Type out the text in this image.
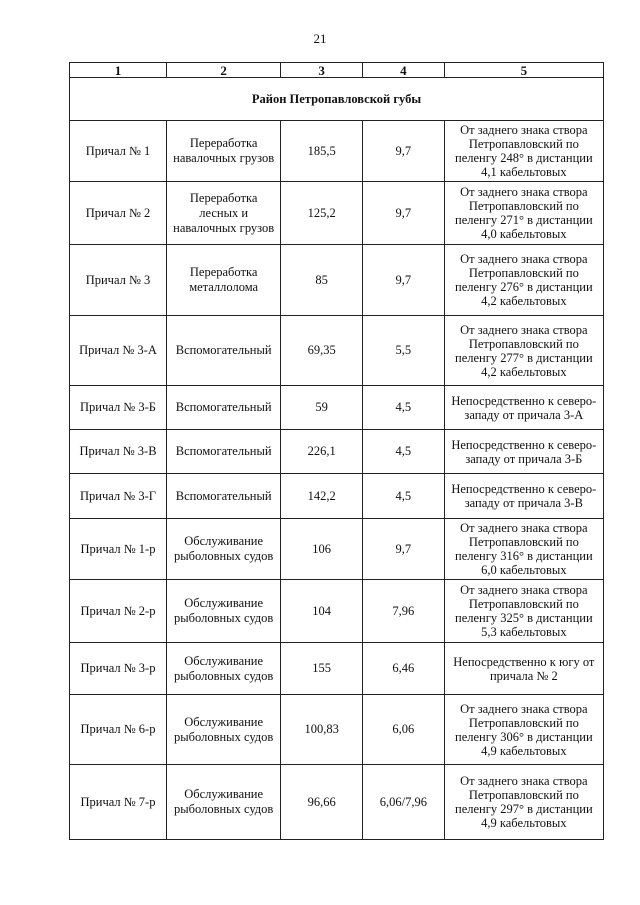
21
1	2	3	4	5
Район Петропавловской губы				
Причал № 1	Переработка навалочных грузов	185,5	9,7	От заднего знака створа Петропавловский по пеленгу 248° в дистанции 4,1 кабельтовых
Причал № 2	Переработка лесных и навалочных грузов	125,2	9,7	От заднего знака створа Петропавловский по пеленгу 271° в дистанции 4,0 кабельтовых
Причал № 3	Переработка металлолома	85	9,7	От заднего знака створа Петропавловский по пеленгу 276° в дистанции 4,2 кабельтовых
Причал № 3-А	Вспомогательный	69,35	5,5	От заднего знака створа Петропавловский по пеленгу 277° в дистанции 4,2 кабельтовых
Причал № 3-Б	Вспомогательный	59	4,5	Непосредственно к северо-западу от причала 3-А
Причал № 3-В	Вспомогательный	226,1	4,5	Непосредственно к северо-западу от причала 3-Б
Причал № 3-Г	Вспомогательный	142,2	4,5	Непосредственно к северо-западу от причала 3-В
Причал № 1-р	Обслуживание рыболовных судов	106	9,7	От заднего знака створа Петропавловский по пеленгу 316° в дистанции 6,0 кабельтовых
Причал № 2-р	Обслуживание рыболовных судов	104	7,96	От заднего знака створа Петропавловский по пеленгу 325° в дистанции 5,3 кабельтовых
Причал № 3-р	Обслуживание рыболовных судов	155	6,46	Непосредственно к югу от причала № 2
Причал № 6-р	Обслуживание рыболовных судов	100,83	6,06	От заднего знака створа Петропавловский по пеленгу 306° в дистанции 4,9 кабельтовых
Причал № 7-р	Обслуживание рыболовных судов	96,66	6,06/7,96	От заднего знака створа Петропавловский по пеленгу 297° в дистанции 4,9 кабельтовых
